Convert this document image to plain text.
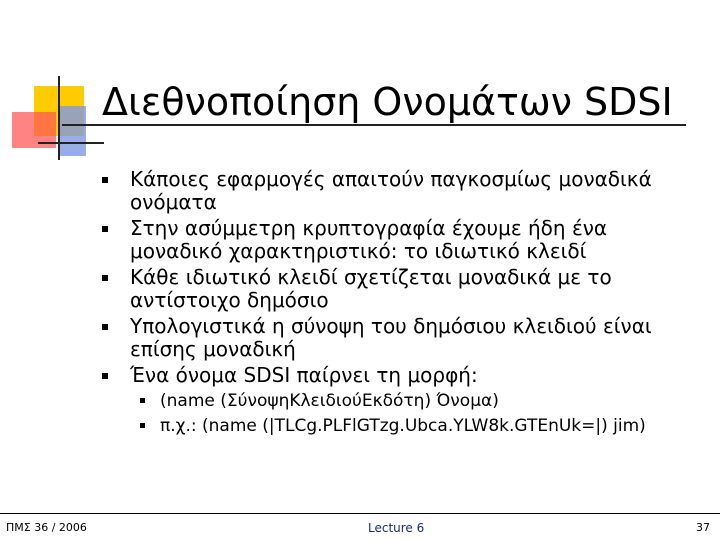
Διεθνοποίηση Ονομάτων SDSI
Κάποιες εφαρμογές απαιτούν παγκοσμίως μοναδικά ονόματα
Στην ασύμμετρη κρυπτογραφία έχουμε ήδη ένα μοναδικό χαρακτηριστικό: το ιδιωτικό κλειδί
Κάθε ιδιωτικό κλειδί σχετίζεται μοναδικά με το αντίστοιχο δημόσιο
Υπολογιστικά η σύνοψη του δημόσιου κλειδιού είναι επίσης μοναδική
Ένα όνομα SDSI παίρνει τη μορφή:
(name (ΣύνοψηΚλειδιούΕκδότη) Όνομα)
π.χ.: (name (|TLCg.PLFlGTzg.Ubca.YLW8k.GTEnUk=|) jim)
ΠΜΣ 36 / 2006	Lecture 6	37
